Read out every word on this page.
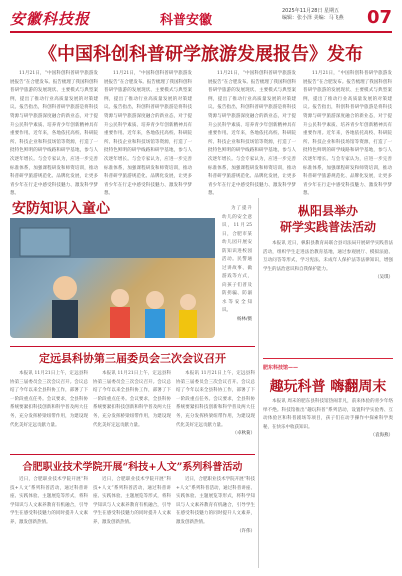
安徽科技报	科普安徽
2025年11月28日 星期五
编辑：张小泽 美编：马飞燕 07
《中国科创科普研学旅游发展报告》发布

11月21日，“中国科创科普研学旅游发展报告”在合肥发布。报告梳理了我国科创科普研学旅游的发展现状、主要模式与典型案例，提出了推动行业高质量发展的对策建议。报告指出，科创科普研学旅游是将科技资源与研学旅游深度融合的新业态，对于提升公民科学素质、培养青少年创新精神具有重要作用。近年来，各地依托高校、科研院所、科技企业和科技场馆等资源，打造了一批特色鲜明的研学线路和研学基地，参与人次逐年增长。与会专家认为，应进一步完善标准体系，加强课程研发和师资培训，推动科普研学旅游规范化、品牌化发展，让更多青少年在行走中感受科技魅力、激发科学梦想。

11月21日，“中国科创科普研学旅游发展报告”在合肥发布。报告梳理了我国科创科普研学旅游的发展现状、主要模式与典型案例，提出了推动行业高质量发展的对策建议。报告指出，科创科普研学旅游是将科技资源与研学旅游深度融合的新业态，对于提升公民科学素质、培养青少年创新精神具有重要作用。近年来，各地依托高校、科研院所、科技企业和科技场馆等资源，打造了一批特色鲜明的研学线路和研学基地，参与人次逐年增长。与会专家认为，应进一步完善标准体系，加强课程研发和师资培训，推动科普研学旅游规范化、品牌化发展，让更多青少年在行走中感受科技魅力、激发科学梦想。

11月21日，“中国科创科普研学旅游发展报告”在合肥发布。报告梳理了我国科创科普研学旅游的发展现状、主要模式与典型案例，提出了推动行业高质量发展的对策建议。报告指出，科创科普研学旅游是将科技资源与研学旅游深度融合的新业态，对于提升公民科学素质、培养青少年创新精神具有重要作用。近年来，各地依托高校、科研院所、科技企业和科技场馆等资源，打造了一批特色鲜明的研学线路和研学基地，参与人次逐年增长。与会专家认为，应进一步完善标准体系，加强课程研发和师资培训，推动科普研学旅游规范化、品牌化发展，让更多青少年在行走中感受科技魅力、激发科学梦想。

11月21日，“中国科创科普研学旅游发展报告”在合肥发布。报告梳理了我国科创科普研学旅游的发展现状、主要模式与典型案例，提出了推动行业高质量发展的对策建议。报告指出，科创科普研学旅游是将科技资源与研学旅游深度融合的新业态，对于提升公民科学素质、培养青少年创新精神具有重要作用。近年来，各地依托高校、科研院所、科技企业和科技场馆等资源，打造了一批特色鲜明的研学线路和研学基地，参与人次逐年增长。与会专家认为，应进一步完善标准体系，加强课程研发和师资培训，推动科普研学旅游规范化、品牌化发展，让更多青少年在行走中感受科技魅力、激发科学梦想。

安防知识入童心	为了提升幼儿的安全意识，11月25日，合肥市某幼儿园开展安防知识进校园活动。民警通过讲故事、做游戏等方式，向孩子们普及防拐骗、防溺水等安全知识。

杨林/摄
枞阳县举办
研学实践普法活动

本报讯 近日，枞阳县教育局联合县司法局开展研学实践普法活动，组织学生走进法治教育基地，通过参观展厅、模拟法庭、互动问答等形式，学习宪法、未成年人保护法等法律知识，增强学生的法治意识和自我保护能力。

（吴琪）
定远县科协第三届委员会三次会议召开

本报讯 11月21日上午，定远县科协第三届委员会三次会议召开。会议总结了今年以来全县科协工作，部署了下一阶段重点任务。会议要求，全县科协系统要紧扣科技创新和科学普及两大任务，充分发挥桥梁纽带作用，为建设现代化美好定远贡献力量。

本报讯 11月21日上午，定远县科协第三届委员会三次会议召开。会议总结了今年以来全县科协工作，部署了下一阶段重点任务。会议要求，全县科协系统要紧扣科技创新和科学普及两大任务，充分发挥桥梁纽带作用，为建设现代化美好定远贡献力量。

本报讯 11月21日上午，定远县科协第三届委员会三次会议召开。会议总结了今年以来全县科协工作，部署了下一阶段重点任务。会议要求，全县科协系统要紧扣科技创新和科学普及两大任务，充分发挥桥梁纽带作用，为建设现代化美好定远贡献力量。

（卓秋菊）
合肥职业技术学院开展“科技+人文”系列科普活动

近日，合肥职业技术学院开展“科技+人文”系列科普活动，通过科普讲座、实践体验、主题展览等形式，将科学知识与人文素养教育有机融合，引导学生在感受科技魅力的同时提升人文素养，激发创新热情。

近日，合肥职业技术学院开展“科技+人文”系列科普活动，通过科普讲座、实践体验、主题展览等形式，将科学知识与人文素养教育有机融合，引导学生在感受科技魅力的同时提升人文素养，激发创新热情。

近日，合肥职业技术学院开展“科技+人文”系列科普活动，通过科普讲座、实践体验、主题展览等形式，将科学知识与人文素养教育有机融合，引导学生在感受科技魅力的同时提升人文素养，激发创新热情。

（许伟）
肥东科技馆——
趣玩科普 嗨翻周末

本报讯 周末的肥东县科技馆热闹非凡，前来体验的青少年络绎不绝。科技馆推出“趣玩科普”系列活动，设置科学实验秀、互动体验区和科普剧场等项目，孩子们在动手操作中探索科学奥秘，在快乐中收获知识。

（袁海燕）
